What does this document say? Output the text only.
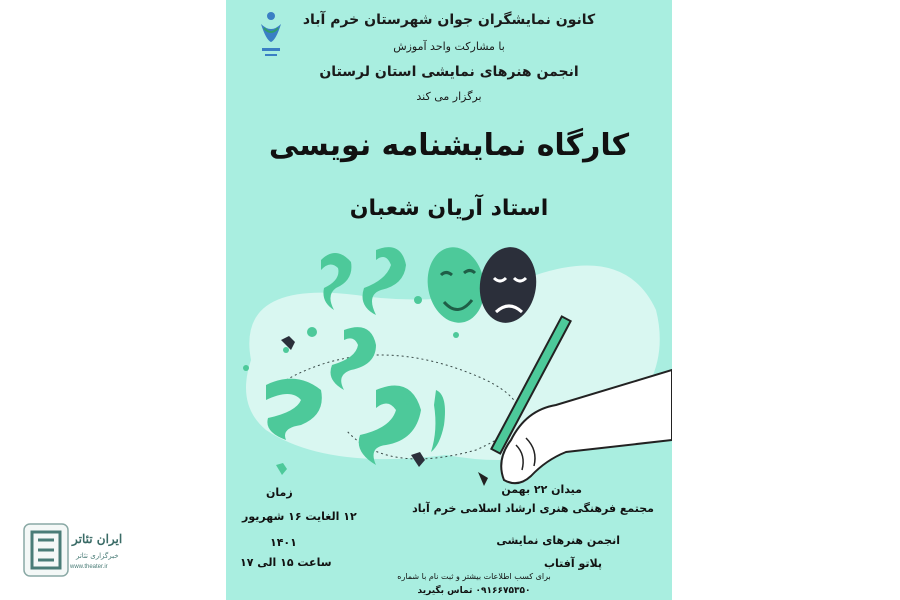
کانون نمایشگران جوان شهرستان خرم آباد
با مشارکت واحد آموزش
انجمن هنرهای نمایشی استان لرستان
برگزار می کند
کارگاه نمایشنامه نویسی
استاد آریان شعبان
میدان ۲۲ بهمن
مجتمع فرهنگی هنری ارشاد اسلامی خرم آباد
انجمن هنرهای نمایشی
پلاتو آفتاب
زمان
۱۲ الغایت ۱۶ شهریور
۱۴۰۱
ساعت ۱۵ الی ۱۷
برای کسب اطلاعات بیشتر و ثبت نام با شماره
۰۹۱۶۶۷۵۳۵۰ تماس بگیرید
ایران تئاتر
خبرگزاری تئاتر
www.theater.ir
